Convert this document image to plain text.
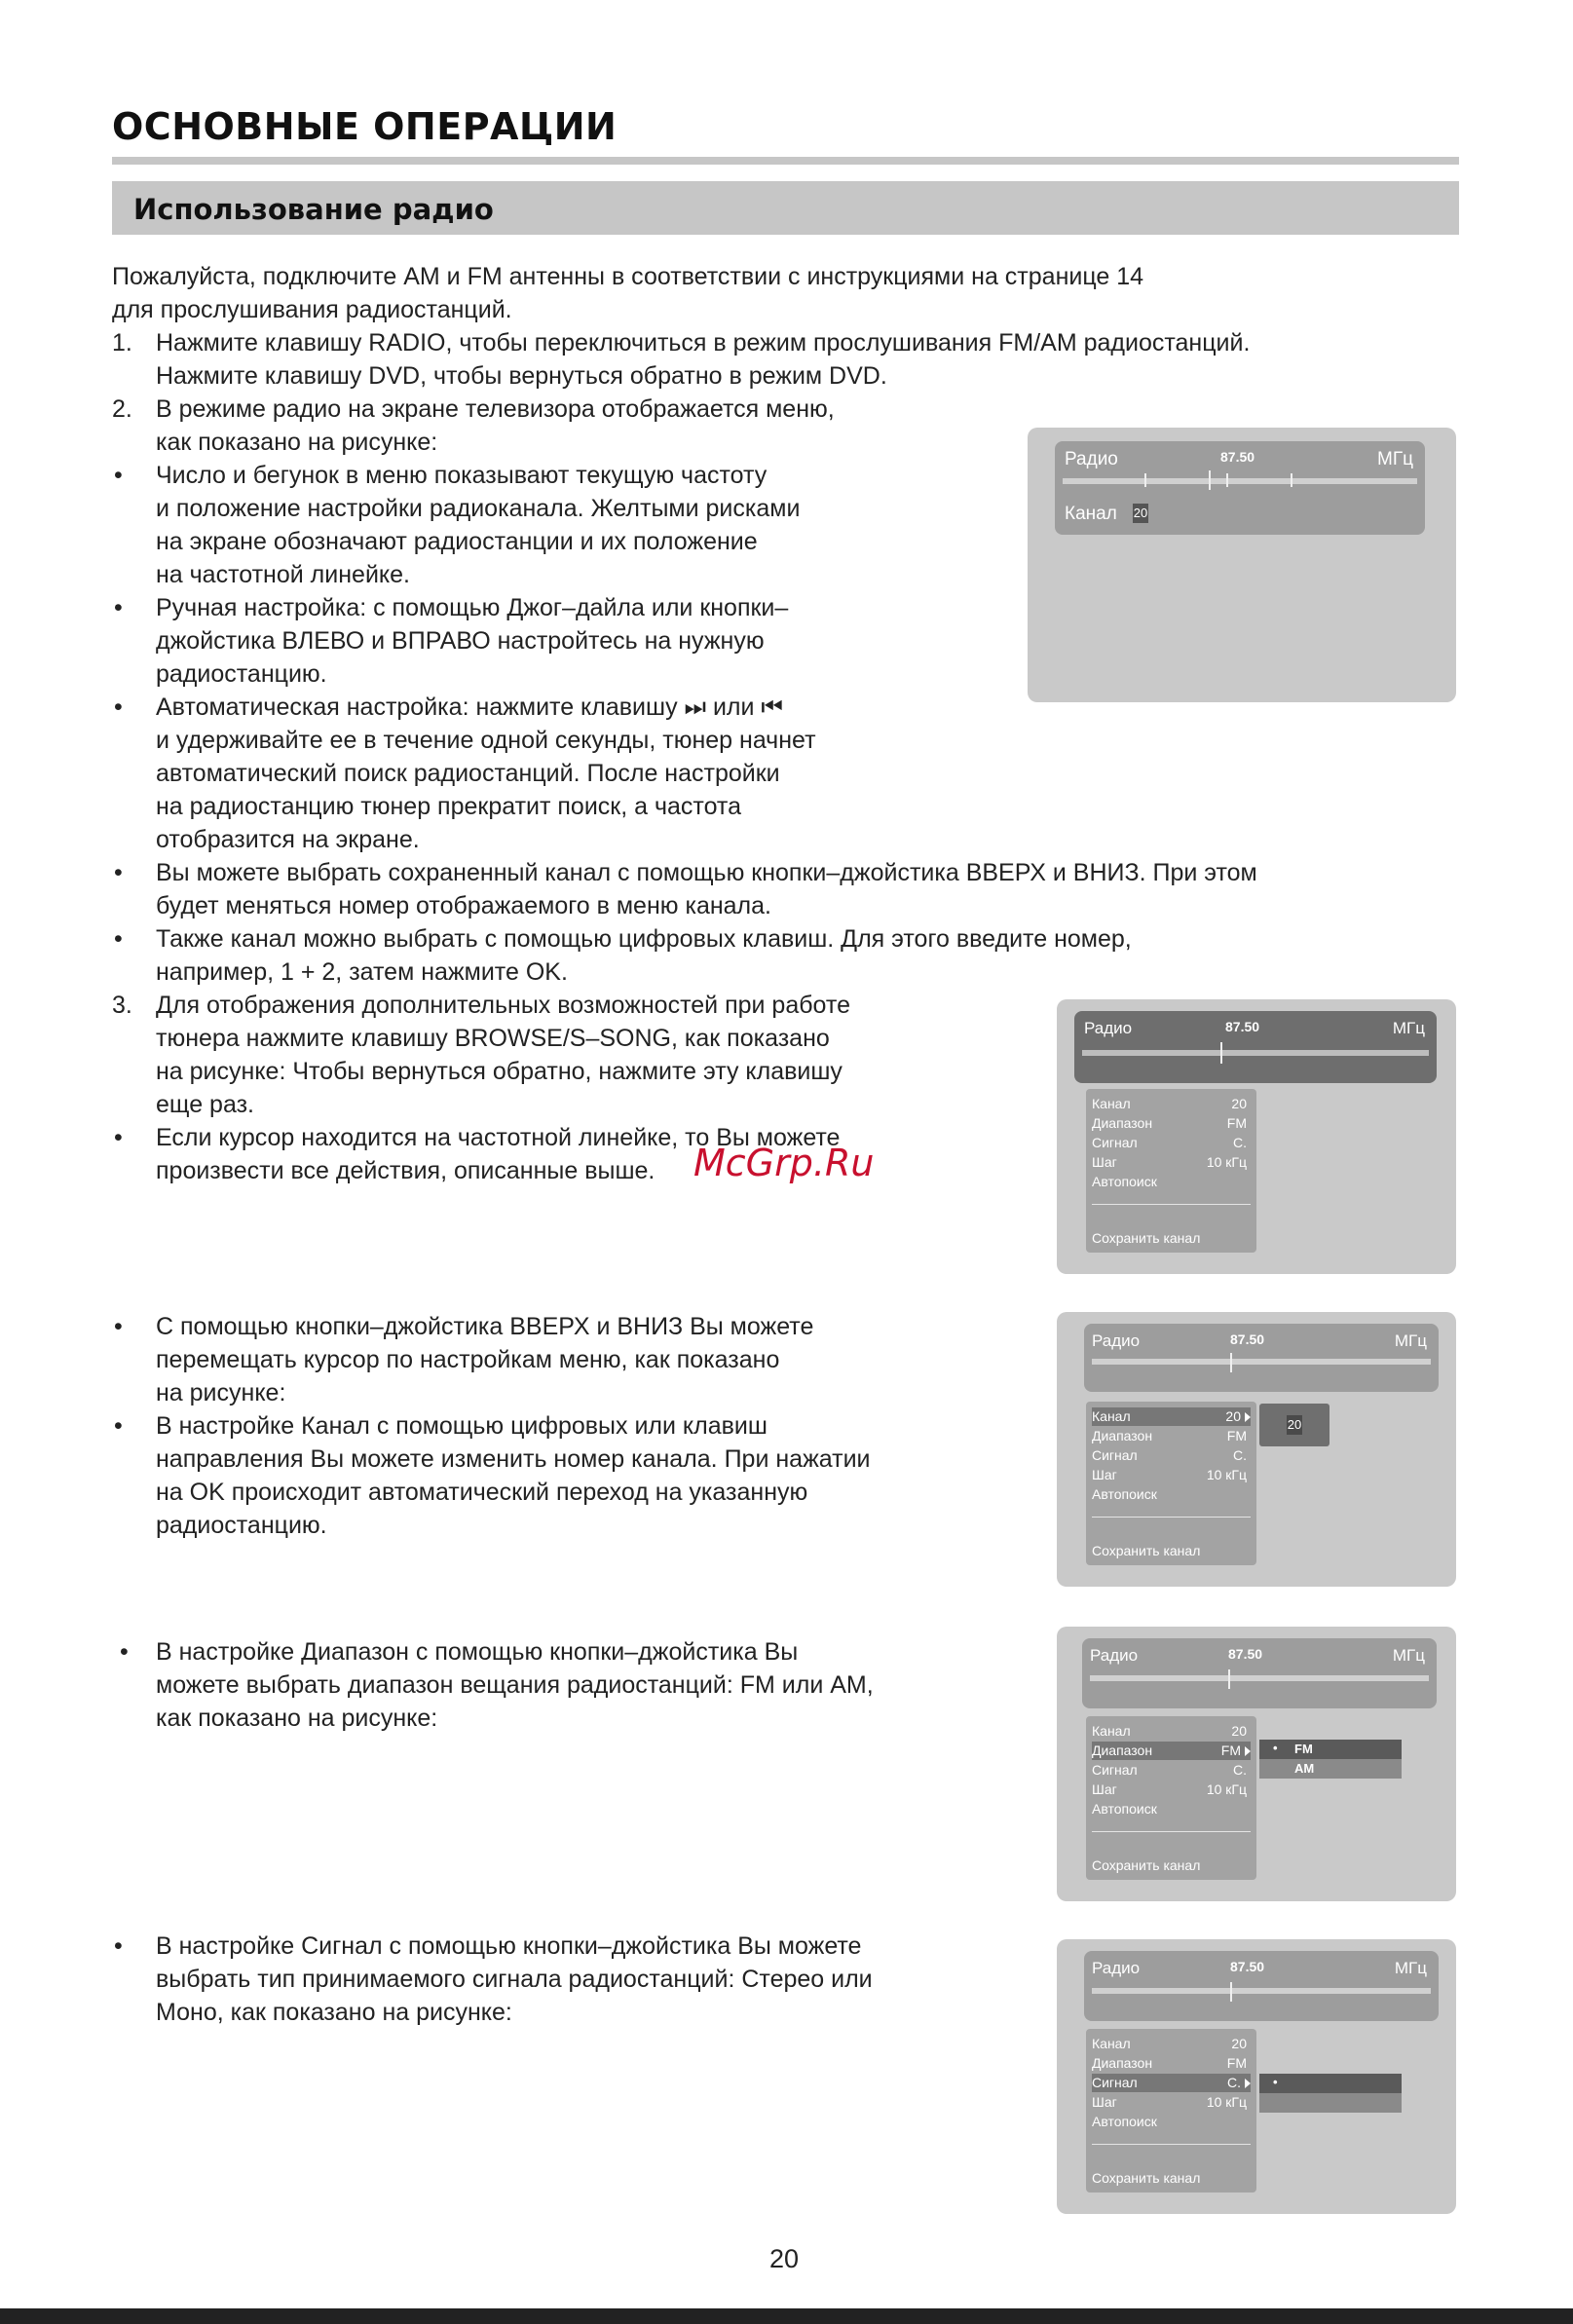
ОСНОВНЫЕ ОПЕРАЦИИ
Использование радио
Пожалуйста, подключите AM и FM антенны в соответствии с инструкциями на странице 14
для прослушивания радиостанций.
1. Нажмите клавишу RADIO, чтобы переключиться в режим прослушивания FM/AM радиостанций.
Нажмите клавишу DVD, чтобы вернуться обратно в режим DVD.
2. В режиме радио на экране телевизора отображается меню,
как показано на рисунке:
• Число и бегунок в меню показывают текущую частоту
и положение настройки радиоканала. Желтыми рисками
на экране обозначают радиостанции и их положение
на частотной линейке.
• Ручная настройка: с помощью Джог–дайла или кнопки–
джойстика ВЛЕВО и ВПРАВО настройтесь на нужную
радиостанцию.
• Автоматическая настройка: нажмите клавишу ⏭ или ⏮
и удерживайте ее в течение одной секунды, тюнер начнет
автоматический поиск радиостанций. После настройки
на радиостанцию тюнер прекратит поиск, а частота
отобразится на экране.
• Вы можете выбрать сохраненный канал с помощью кнопки–джойстика ВВЕРХ и ВНИЗ. При этом
будет меняться номер отображаемого в меню канала.
• Также канал можно выбрать с помощью цифровых клавиш. Для этого введите номер,
например, 1 + 2, затем нажмите OK.
3. Для отображения дополнительных возможностей при работе
тюнера нажмите клавишу BROWSE/S–SONG, как показано
на рисунке: Чтобы вернуться обратно, нажмите эту клавишу
еще раз.
• Если курсор находится на частотной линейке, то Вы можете
произвести все действия, описанные выше.
• С помощью кнопки–джойстика ВВЕРХ и ВНИЗ Вы можете
перемещать курсор по настройкам меню, как показано
на рисунке:
• В настройке Канал с помощью цифровых или клавиш
направления Вы можете изменить номер канала. При нажатии
на OK происходит автоматический переход на указанную
радиостанцию.
• В настройке Диапазон с помощью кнопки–джойстика Вы
можете выбрать диапазон вещания радиостанций: FM или AM,
как показано на рисунке:
• В настройке Сигнал с помощью кнопки–джойстика Вы можете
выбрать тип принимаемого сигнала радиостанций: Стерео или
Моно, как показано на рисунке:
McGrp.Ru
Радио	87.50	МГц
Канал 20
Радио	87.50	МГц
Канал	20
Диапазон	FM
Сигнал	С.
Шаг	10 кГц
Автопоиск
Сохранить канал
Радио	87.50	МГц
Канал	20
Диапазон	FM
Сигнал	С.
Шаг	10 кГц
Автопоиск
Сохранить канал
20
Радио	87.50	МГц
Канал	20
Диапазон	FM
Сигнал	С.
Шаг	10 кГц
Автопоиск
Сохранить канал
• FM
AM
Радио	87.50	МГц
Канал	20
Диапазон	FM
Сигнал	С.
Шаг	10 кГц
Автопоиск
Сохранить канал
•
20
